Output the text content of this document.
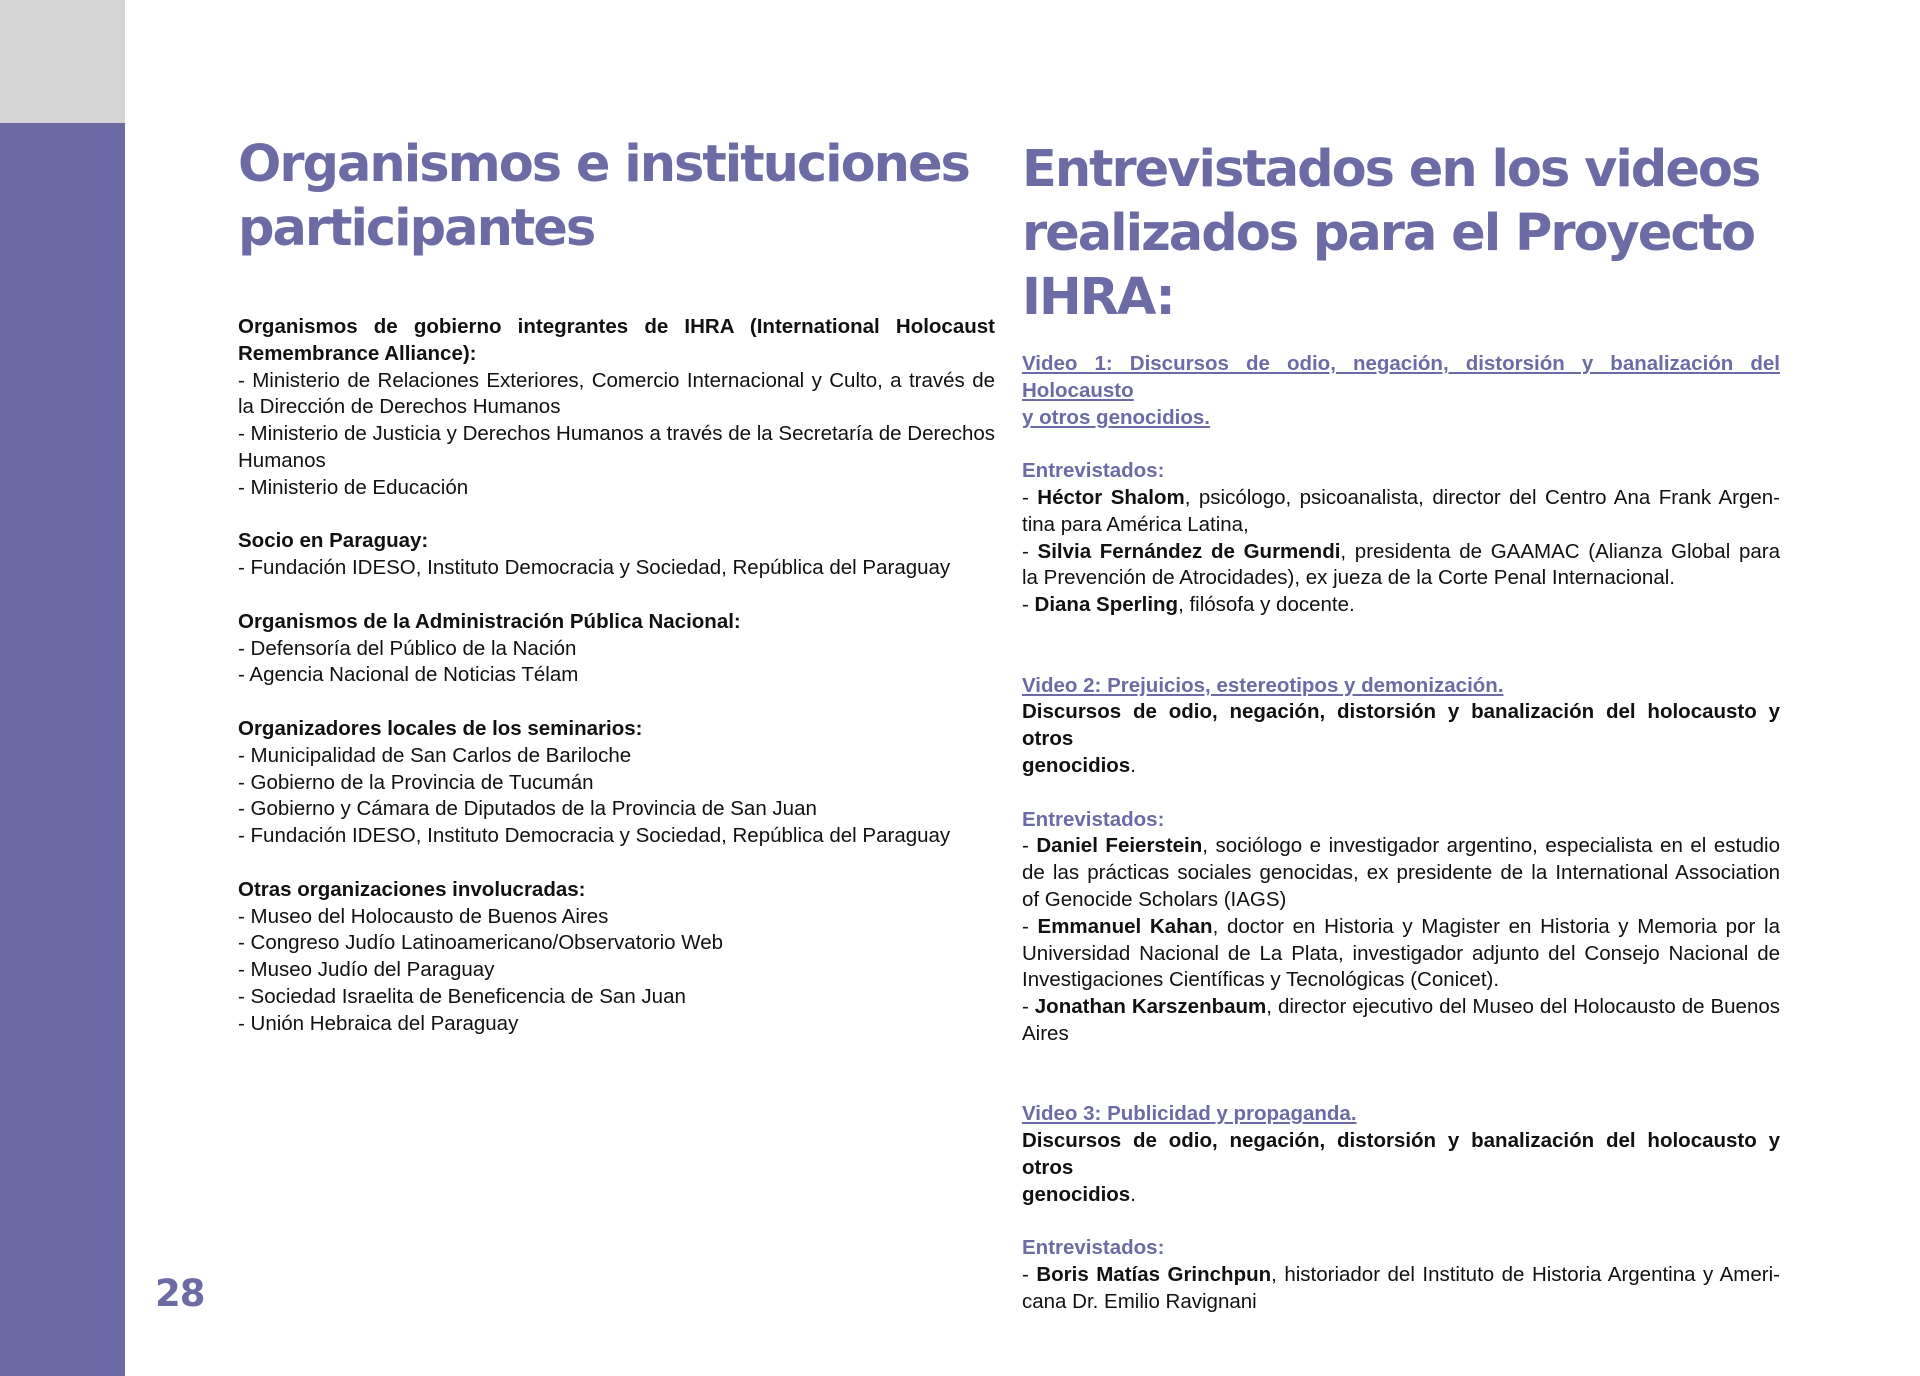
28
Organismos e instituciones
participantes
Organismos de gobierno integrantes de IHRA (International Holocaust
Remembrance Alliance):
- Ministerio de Relaciones Exteriores, Comercio Internacional y Culto, a través de
la Dirección de Derechos Humanos
- Ministerio de Justicia y Derechos Humanos a través de la Secretaría de Derechos
Humanos
- Ministerio de Educación
Socio en Paraguay:
- Fundación IDESO, Instituto Democracia y Sociedad, República del Paraguay
Organismos de la Administración Pública Nacional:
- Defensoría del Público de la Nación
- Agencia Nacional de Noticias Télam
Organizadores locales de los seminarios:
- Municipalidad de San Carlos de Bariloche
- Gobierno de la Provincia de Tucumán
- Gobierno y Cámara de Diputados de la Provincia de San Juan
- Fundación IDESO, Instituto Democracia y Sociedad, República del Paraguay
Otras organizaciones involucradas:
- Museo del Holocausto de Buenos Aires
- Congreso Judío Latinoamericano/Observatorio Web
- Museo Judío del Paraguay
- Sociedad Israelita de Beneficencia de San Juan
- Unión Hebraica del Paraguay
Entrevistados en los videos
realizados para el Proyecto
IHRA:
Video 1: Discursos de odio, negación, distorsión y banalización del Holocausto
y otros genocidios.
Entrevistados:
- Héctor Shalom, psicólogo, psicoanalista, director del Centro Ana Frank Argen-
tina para América Latina,
- Silvia Fernández de Gurmendi, presidenta de GAAMAC (Alianza Global para
la Prevención de Atrocidades), ex jueza de la Corte Penal Internacional.
- Diana Sperling, filósofa y docente.
Video 2: Prejuicios, estereotipos y demonización.
Discursos de odio, negación, distorsión y banalización del holocausto y otros
genocidios.
Entrevistados:
- Daniel Feierstein, sociólogo e investigador argentino, especialista en el estudio
de las prácticas sociales genocidas, ex presidente de la International Association
of Genocide Scholars (IAGS)
- Emmanuel Kahan, doctor en Historia y Magister en Historia y Memoria por la
Universidad Nacional de La Plata, investigador adjunto del Consejo Nacional de
Investigaciones Científicas y Tecnológicas (Conicet).
- Jonathan Karszenbaum, director ejecutivo del Museo del Holocausto de Buenos
Aires
Video 3: Publicidad y propaganda.
Discursos de odio, negación, distorsión y banalización del holocausto y otros
genocidios.
Entrevistados:
- Boris Matías Grinchpun, historiador del Instituto de Historia Argentina y Ameri-
cana Dr. Emilio Ravignani
